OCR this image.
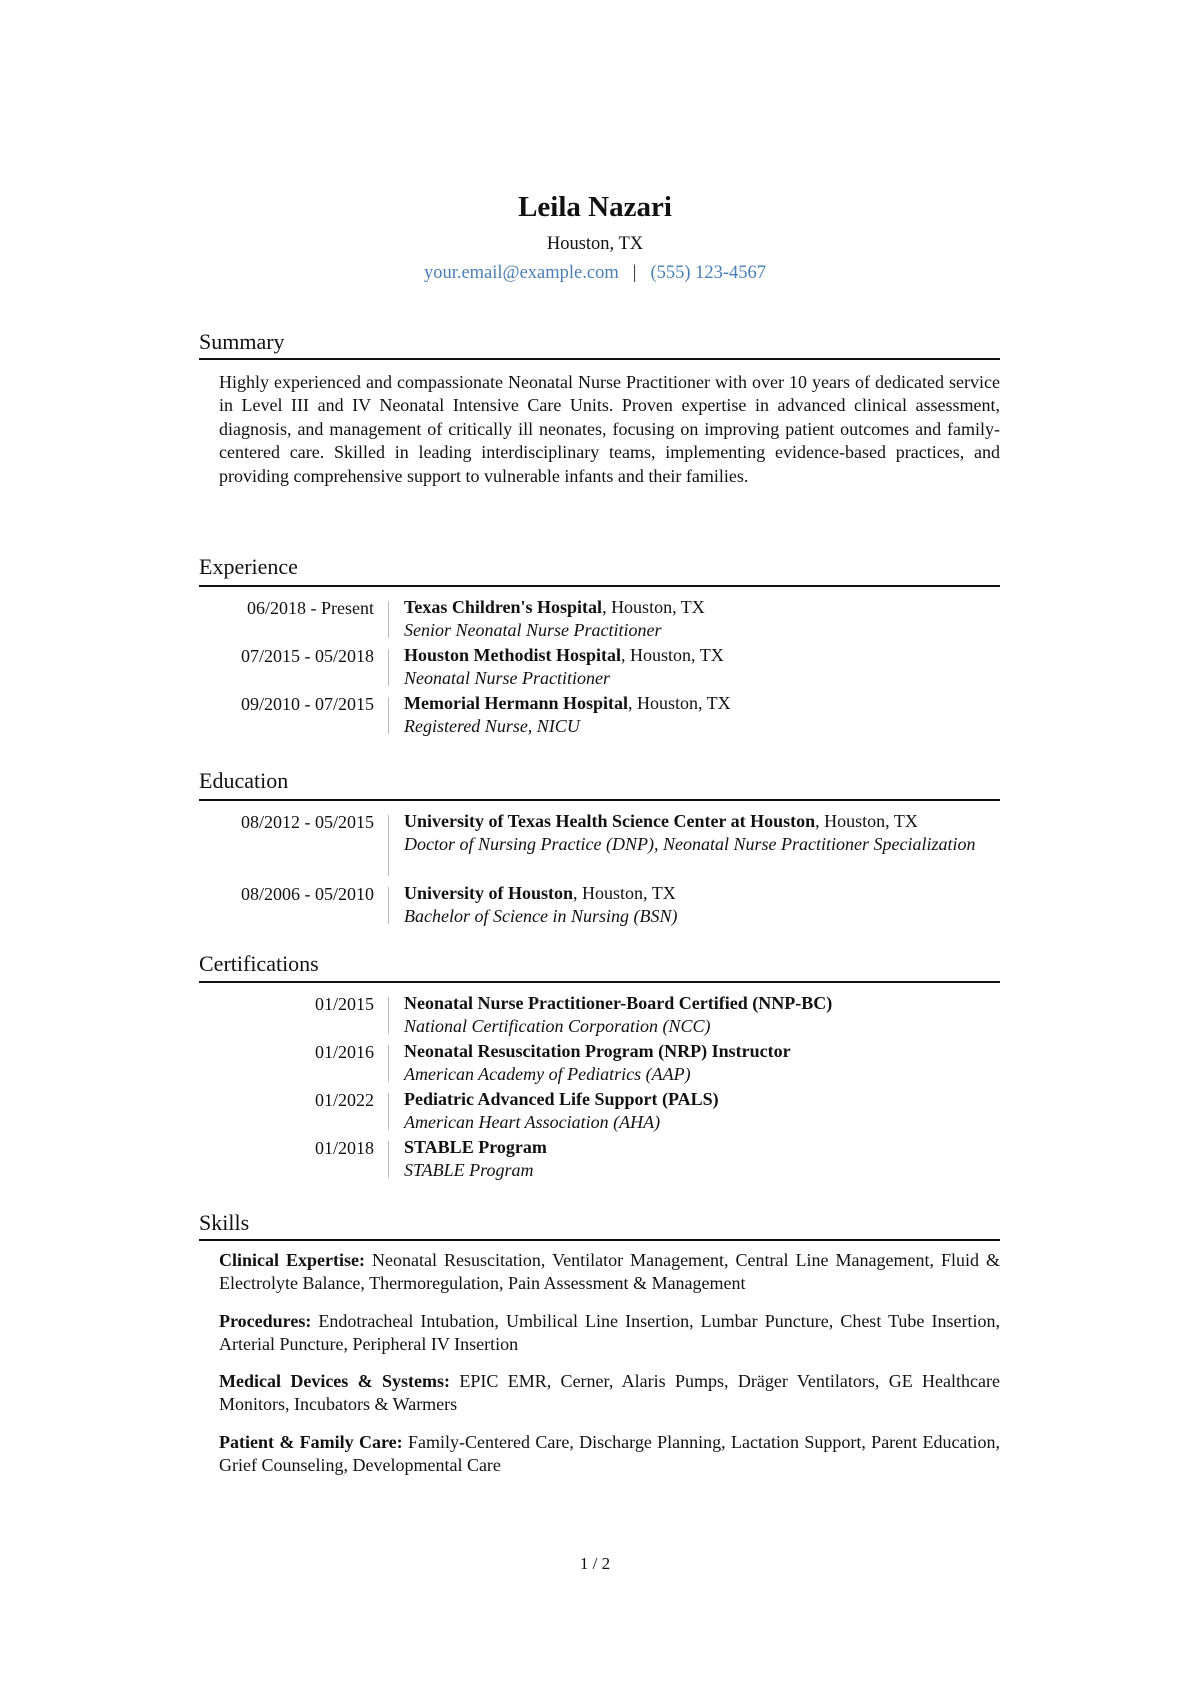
Leila Nazari
Houston, TX
your.email@example.com | (555) 123-4567
Summary
Highly experienced and compassionate Neonatal Nurse Practitioner with over 10 years of dedicated service in Level III and IV Neonatal Intensive Care Units. Proven expertise in advanced clinical assessment, diagnosis, and management of critically ill neonates, focusing on improving patient outcomes and family-centered care. Skilled in leading interdisciplinary teams, implementing evidence-based practices, and providing comprehensive support to vulnerable infants and their families.
Experience
06/2018 - Present Texas Children's Hospital, Houston, TX
Senior Neonatal Nurse Practitioner
07/2015 - 05/2018 Houston Methodist Hospital, Houston, TX
Neonatal Nurse Practitioner
09/2010 - 07/2015 Memorial Hermann Hospital, Houston, TX
Registered Nurse, NICU
Education
08/2012 - 05/2015 University of Texas Health Science Center at Houston, Houston, TX
Doctor of Nursing Practice (DNP), Neonatal Nurse Practitioner Specialization
08/2006 - 05/2010 University of Houston, Houston, TX
Bachelor of Science in Nursing (BSN)
Certifications
01/2015 Neonatal Nurse Practitioner-Board Certified (NNP-BC)
National Certification Corporation (NCC)
01/2016 Neonatal Resuscitation Program (NRP) Instructor
American Academy of Pediatrics (AAP)
01/2022 Pediatric Advanced Life Support (PALS)
American Heart Association (AHA)
01/2018 STABLE Program
STABLE Program
Skills
Clinical Expertise: Neonatal Resuscitation, Ventilator Management, Central Line Management, Fluid & Electrolyte Balance, Thermoregulation, Pain Assessment & Management
Procedures: Endotracheal Intubation, Umbilical Line Insertion, Lumbar Puncture, Chest Tube Insertion, Arterial Puncture, Peripheral IV Insertion
Medical Devices & Systems: EPIC EMR, Cerner, Alaris Pumps, Dräger Ventilators, GE Healthcare Monitors, Incubators & Warmers
Patient & Family Care: Family-Centered Care, Discharge Planning, Lactation Support, Parent Education, Grief Counseling, Developmental Care
1 / 2
